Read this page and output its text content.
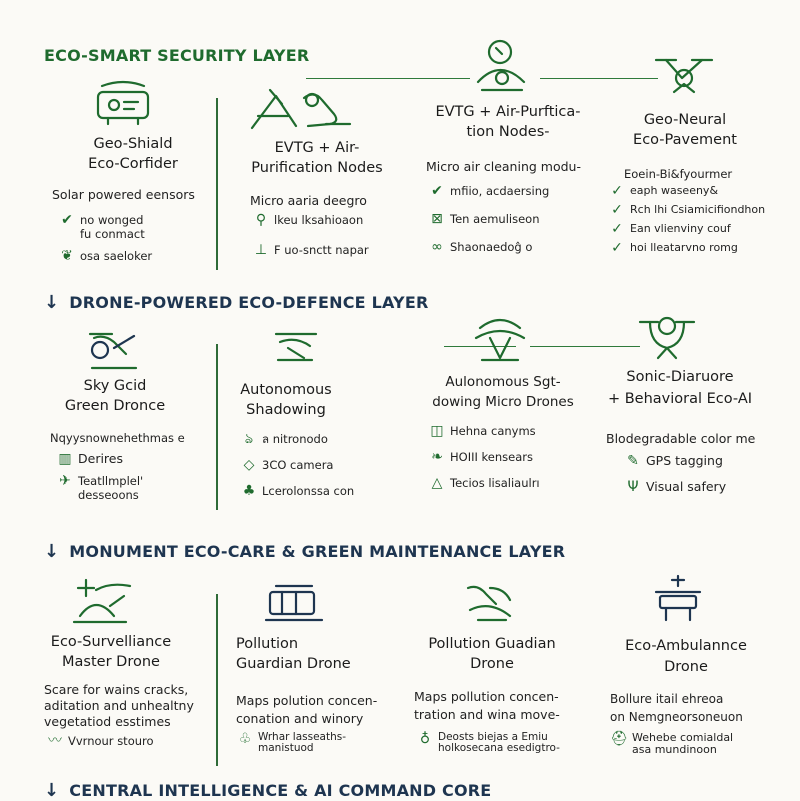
ECO-SMART SECURITY LAYER
Geo-Shiald
Eco-Corfider
Solar powered eensors
✔ no wonged
fu conmact
❦ osa saeloker
EVTG + Air-
Purification Nodes
Micro aaria deegro
⚲ lkeu lksahioaon
⊥ F uo-snctt napar
EVTG + Air-Purftica-
tion Nodes-
Micro air cleaning modu-
✔ mfiio, acdaersing
⊠ Ten aemuliseon
∞ Shaonaedoĝ o
Geo-Neural
Eco-Pavement
Eoein-Bi&fyourmer
✓ eaph waseeny&
✓ Rch lhi Csiamicifiondhon
✓ Ean vlienviny couf
✓ hoi lleatarvno romg
↓ DRONE-POWERED ECO-DEFENCE LAYER
Sky Gcid
Green Dronce
Nqyysnownehethmas e
▥ Derires
✈ Teatllmplel'
desseoons
Autonomous
Shadowing
ঌ ล nitronodo
◇ 3CO camera
♣ Lcerolonssa con
Aulonomous Sgt-
dowing Micro Drones
◫ Hehna canyms
❧ HOIII kensears
△ Tecios lisaliaulrı
Sonic-Diaruore
+ Behavioral Eco-AI
Blodegradable color me
✎ GPS tagging
Ψ Visual safery
↓ MONUMENT ECO-CARE & GREEN MAINTENANCE LAYER
Eco-Survelliance
Master Drone
Scare for wains cracks,
aditation and unhealtny
vegetatiod esstimes
〰 Vvrnour stouro
Pollution
Guardian Drone
Maps polution concen-
conation and winory
♧ Wrhar lasseaths-
manistuod
Pollution Guadian
Drone
Maps pollution concen-
tration and wina move-
♁ Deosts biejas a Emiu
holkosecana esedigtro-
Eco-Ambulannce
Drone
Bollure itail ehreoa
on Nemgneorsoneuon
⛑ Wehebe comialdal
asa mundinoon
↓ CENTRAL INTELLIGENCE & AI COMMAND CORE
